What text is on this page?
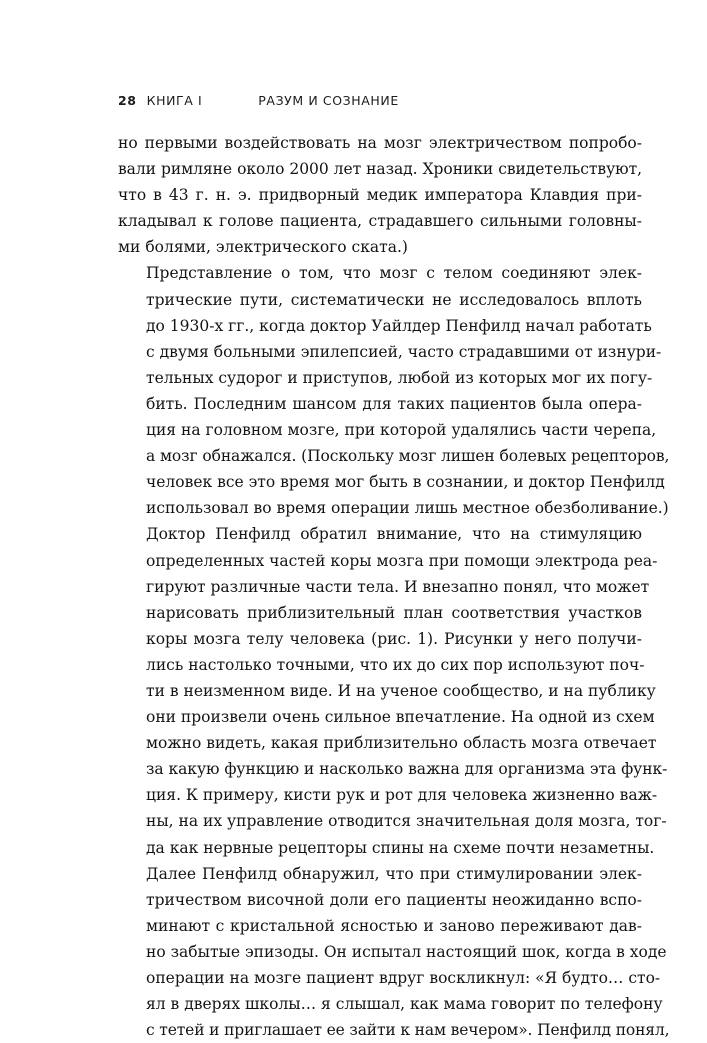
28 КНИГА I	РАЗУМ И СОЗНАНИЕ

но первыми воздействовать на мозг электричеством попробо-
вали римляне около 2000 лет назад. Хроники свидетельствуют,
что в 43 г. н. э. придворный медик императора Клавдия при-
кладывал к голове пациента, страдавшего сильными головны-
ми болями, электрического ската.)

Представление о том, что мозг с телом соединяют элек-
трические пути, систематически не исследовалось вплоть
до 1930-х гг., когда доктор Уайлдер Пенфилд начал работать
с двумя больными эпилепсией, часто страдавшими от изнури-
тельных судорог и приступов, любой из которых мог их погу-
бить. Последним шансом для таких пациентов была опера-
ция на головном мозге, при которой удалялись части черепа,
а мозг обнажался. (Поскольку мозг лишен болевых рецепторов,
человек все это время мог быть в сознании, и доктор Пенфилд
использовал во время операции лишь местное обезболивание.)

Доктор Пенфилд обратил внимание, что на стимуляцию
определенных частей коры мозга при помощи электрода реа-
гируют различные части тела. И внезапно понял, что может
нарисовать приблизительный план соответствия участков
коры мозга телу человека (рис. 1). Рисунки у него получи-
лись настолько точными, что их до сих пор используют поч-
ти в неизменном виде. И на ученое сообщество, и на публику
они произвели очень сильное впечатление. На одной из схем
можно видеть, какая приблизительно область мозга отвечает
за какую функцию и насколько важна для организма эта функ-
ция. К примеру, кисти рук и рот для человека жизненно важ-
ны, на их управление отводится значительная доля мозга, тог-
да как нервные рецепторы спины на схеме почти незаметны.

Далее Пенфилд обнаружил, что при стимулировании элек-
тричеством височной доли его пациенты неожиданно вспо-
минают с кристальной ясностью и заново переживают дав-
но забытые эпизоды. Он испытал настоящий шок, когда в ходе
операции на мозге пациент вдруг воскликнул: «Я будто… сто-
ял в дверях школы… я слышал, как мама говорит по телефону
с тетей и приглашает ее зайти к нам вечером». Пенфилд понял,
